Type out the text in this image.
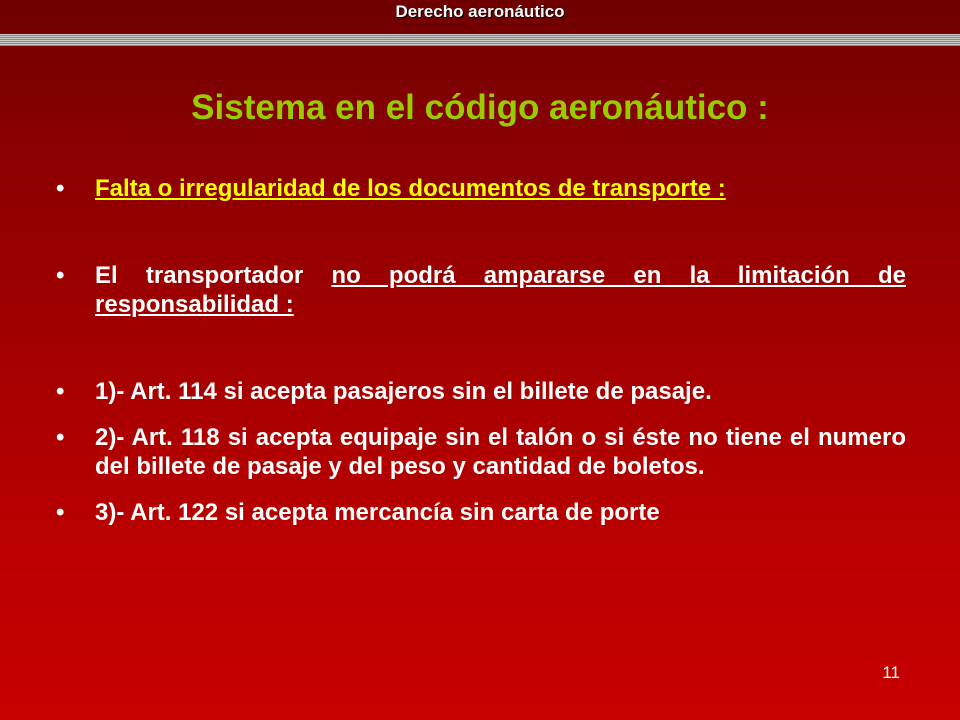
Derecho aeronáutico
Sistema en el código aeronáutico :
• Falta o irregularidad de los documentos de transporte :
• El transportador no podrá ampararse en la limitación de responsabilidad :
• 1)- Art. 114 si acepta pasajeros sin el billete de pasaje.
• 2)- Art. 118 si acepta equipaje sin el talón o si éste no tiene el numero del billete de pasaje y del peso y cantidad de boletos.
• 3)- Art. 122 si acepta mercancía sin carta de porte
11
